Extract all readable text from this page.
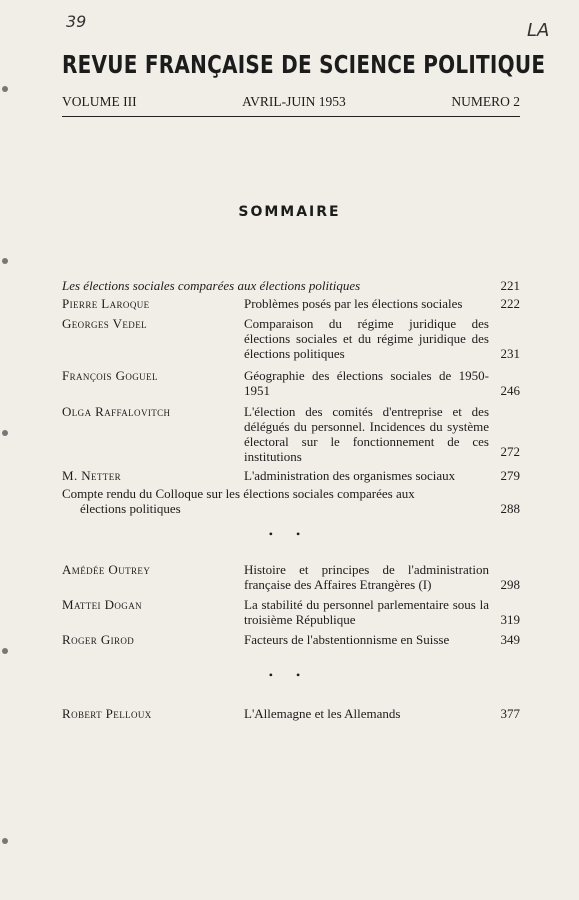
39	LA
REVUE FRANÇAISE DE SCIENCE POLITIQUE
VOLUME III	AVRIL-JUIN 1953	NUMERO 2
SOMMAIRE
Les élections sociales comparées aux élections politiques	221
Pierre Laroque	Problèmes posés par les élections sociales	222
Georges Vedel	Comparaison du régime juridique des élections sociales et du régime juridique des élections politiques	231
François Goguel	Géographie des élections sociales de 1950-1951	246
Olga Raffalovitch	L'élection des comités d'entreprise et des délégués du personnel. Incidences du système électoral sur le fonctionnement de ces institutions	272
M. Netter	L'administration des organismes sociaux	279
Compte rendu du Colloque sur les élections sociales comparées aux
élections politiques	288
Amédée Outrey	Histoire et principes de l'administration française des Affaires Etrangères (I)	298
Mattei Dogan	La stabilité du personnel parlementaire sous la troisième République	319
Roger Girod	Facteurs de l'abstentionnisme en Suisse	349
Robert Pelloux	L'Allemagne et les Allemands	377
• •
• •
